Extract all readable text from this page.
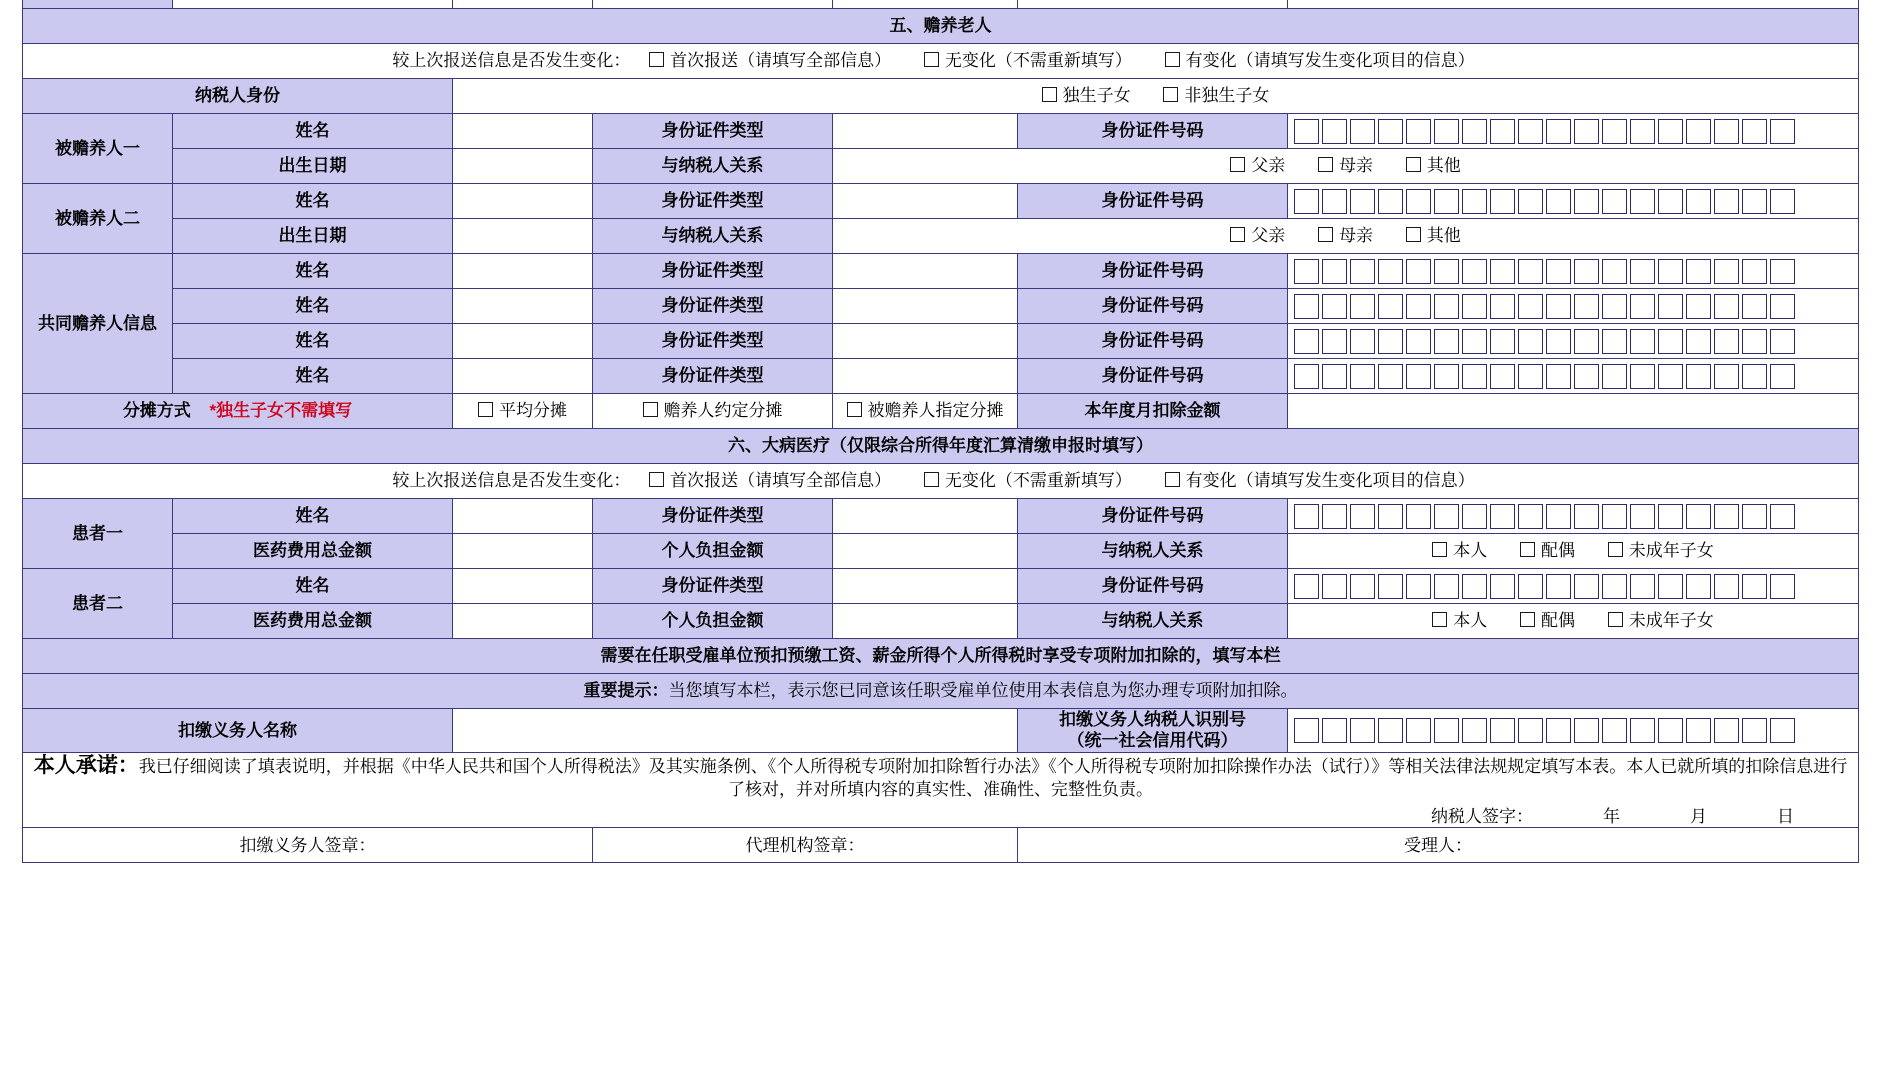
五、赡养老人						
较上次报送信息是否发生变化： 首次报送（请填写全部信息） 无变化（不需重新填写） 有变化（请填写发生变化项目的信息）						
纳税人身份		独生子女 非独生子女				
被赡养人一	姓名		身份证件类型		身份证件号码	

	出生日期		与纳税人关系	父亲 母亲 其他		
被赡养人二	姓名		身份证件类型		身份证件号码	

	出生日期		与纳税人关系	父亲 母亲 其他		
共同赡养人信息	姓名		身份证件类型		身份证件号码	

	姓名		身份证件类型		身份证件号码	

	姓名		身份证件类型		身份证件号码	

	姓名		身份证件类型		身份证件号码	

分摊方式 *独生子女不需填写		平均分摊	赡养人约定分摊	被赡养人指定分摊	本年度月扣除金额	
六、大病医疗（仅限综合所得年度汇算清缴申报时填写）						
较上次报送信息是否发生变化： 首次报送（请填写全部信息） 无变化（不需重新填写） 有变化（请填写发生变化项目的信息）						
患者一	姓名		身份证件类型		身份证件号码	

	医药费用总金额		个人负担金额		与纳税人关系	本人 配偶 未成年子女
患者二	姓名		身份证件类型		身份证件号码	

	医药费用总金额		个人负担金额		与纳税人关系	本人 配偶 未成年子女
需要在任职受雇单位预扣预缴工资、薪金所得个人所得税时享受专项附加扣除的，填写本栏						
重要提示：当您填写本栏，表示您已同意该任职受雇单位使用本表信息为您办理专项附加扣除。						
扣缴义务人名称					扣缴义务人纳税人识别号
（统一社会信用代码）	

本人承诺：我已仔细阅读了填表说明，并根据《中华人民共和国个人所得税法》及其实施条例、《个人所得税专项附加扣除暂行办法》《个人所得税专项附加扣除操作办法（试行）》等相关法律法规规定填写本表。本人已就所填的扣除信息进行了核对，并对所填内容的真实性、准确性、完整性负责。
纳税人签字： 年 月 日						

扣缴义务人签章：			代理机构签章：		受理人：	
